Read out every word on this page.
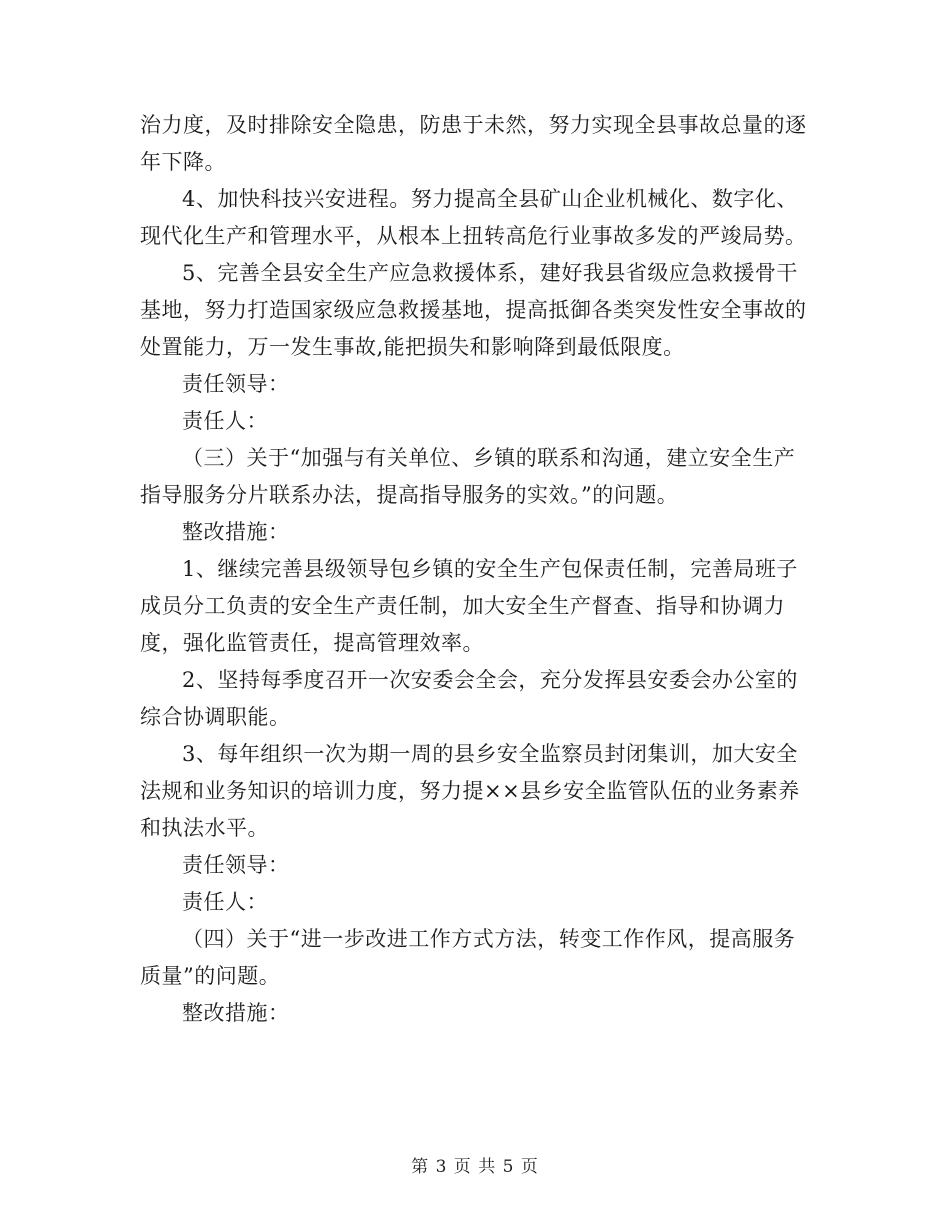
治力度，及时排除安全隐患，防患于未然，努力实现全县事故总量的逐年下降。

4、加快科技兴安进程。努力提高全县矿山企业机械化、数字化、现代化生产和管理水平，从根本上扭转高危行业事故多发的严竣局势。

5、完善全县安全生产应急救援体系，建好我县省级应急救援骨干基地，努力打造国家级应急救援基地，提高抵御各类突发性安全事故的处置能力，万一发生事故,能把损失和影响降到最低限度。

责任领导：

责任人：

（三）关于“加强与有关单位、乡镇的联系和沟通，建立安全生产指导服务分片联系办法，提高指导服务的实效。”的问题。

整改措施：

1、继续完善县级领导包乡镇的安全生产包保责任制，完善局班子成员分工负责的安全生产责任制，加大安全生产督查、指导和协调力度，强化监管责任，提高管理效率。

2、坚持每季度召开一次安委会全会，充分发挥县安委会办公室的综合协调职能。

3、每年组织一次为期一周的县乡安全监察员封闭集训，加大安全法规和业务知识的培训力度，努力提××县乡安全监管队伍的业务素养和执法水平。

责任领导：

责任人：

（四）关于“进一步改进工作方式方法，转变工作作风，提高服务质量”的问题。

整改措施：

第 3 页 共 5 页
